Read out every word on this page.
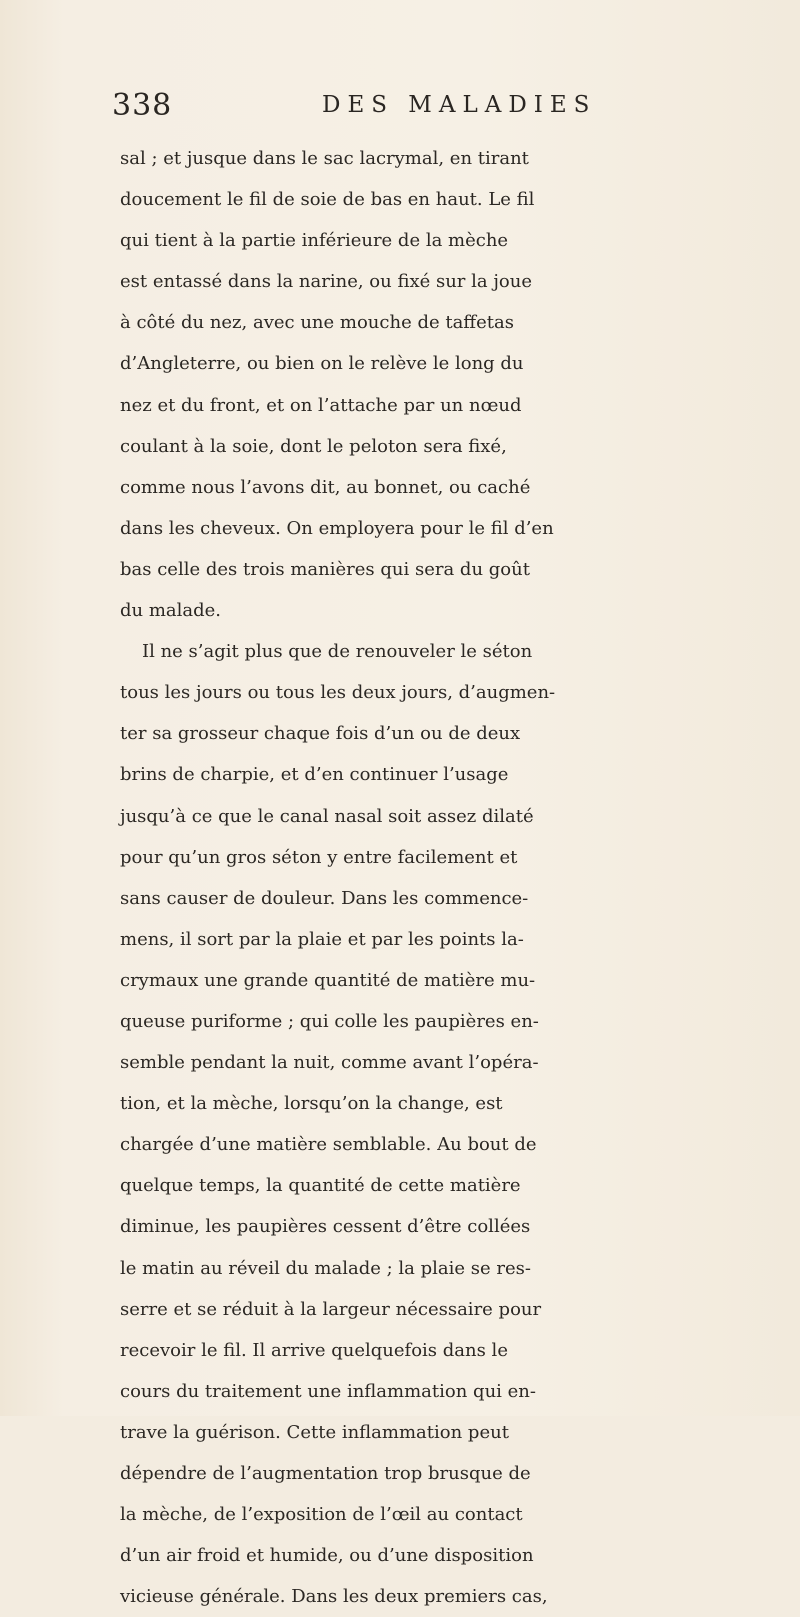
338	DES MALADIES
sal ; et jusque dans le sac lacrymal, en tirant
doucement le fil de soie de bas en haut. Le fil
qui tient à la partie inférieure de la mèche
est entassé dans la narine, ou fixé sur la joue
à côté du nez, avec une mouche de taffetas
d’Angleterre, ou bien on le relève le long du
nez et du front, et on l’attache par un nœud
coulant à la soie, dont le peloton sera fixé,
comme nous l’avons dit, au bonnet, ou caché
dans les cheveux. On employera pour le fil d’en
bas celle des trois manières qui sera du goût
du malade.
Il ne s’agit plus que de renouveler le séton
tous les jours ou tous les deux jours, d’augmen-
ter sa grosseur chaque fois d’un ou de deux
brins de charpie, et d’en continuer l’usage
jusqu’à ce que le canal nasal soit assez dilaté
pour qu’un gros séton y entre facilement et
sans causer de douleur. Dans les commence-
mens, il sort par la plaie et par les points la-
crymaux une grande quantité de matière mu-
queuse puriforme ; qui colle les paupières en-
semble pendant la nuit, comme avant l’opéra-
tion, et la mèche, lorsqu’on la change, est
chargée d’une matière semblable. Au bout de
quelque temps, la quantité de cette matière
diminue, les paupières cessent d’être collées
le matin au réveil du malade ; la plaie se res-
serre et se réduit à la largeur nécessaire pour
recevoir le fil. Il arrive quelquefois dans le
cours du traitement une inflammation qui en-
trave la guérison. Cette inflammation peut
dépendre de l’augmentation trop brusque de
la mèche, de l’exposition de l’œil au contact
d’un air froid et humide, ou d’une disposition
vicieuse générale. Dans les deux premiers cas,
